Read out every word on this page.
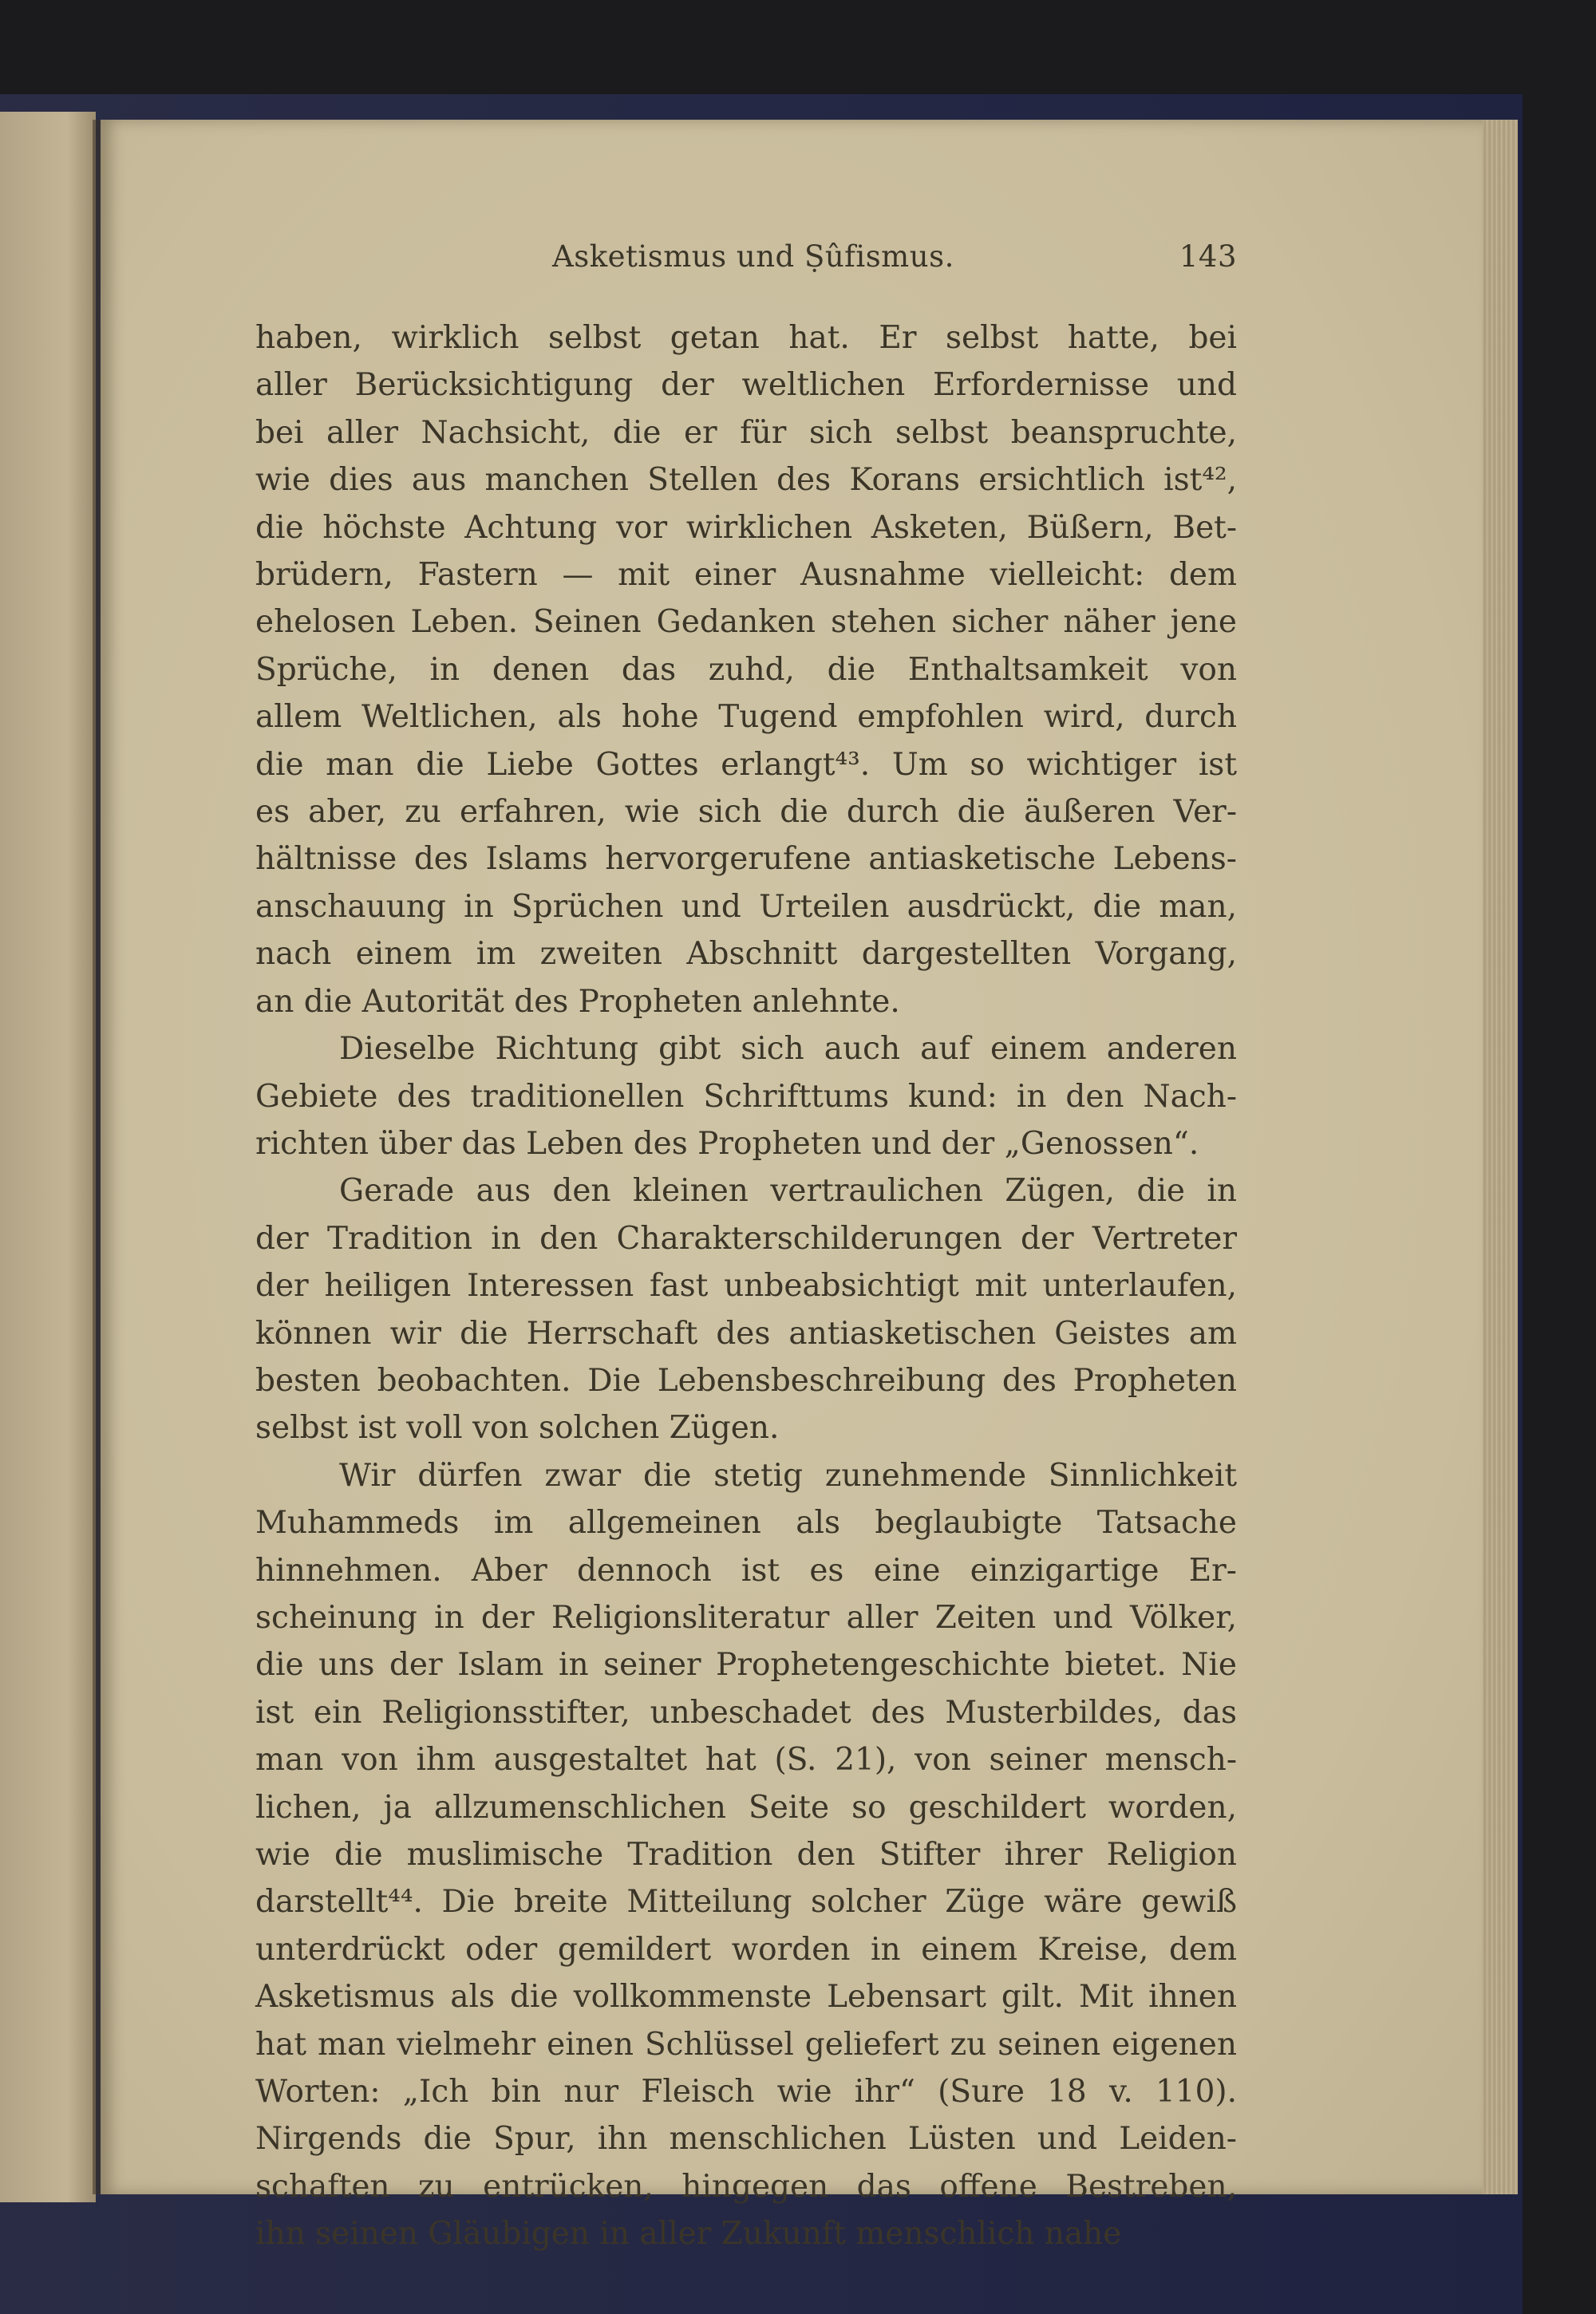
Asketismus und Ṣûfismus.	143
haben, wirklich selbst getan hat. Er selbst hatte, bei
aller Berücksichtigung der weltlichen Erfordernisse und
bei aller Nachsicht, die er für sich selbst beanspruchte,
wie dies aus manchen Stellen des Korans ersichtlich ist⁴²,
die höchste Achtung vor wirklichen Asketen, Büßern, Bet-
brüdern, Fastern — mit einer Ausnahme vielleicht: dem
ehelosen Leben. Seinen Gedanken stehen sicher näher jene
Sprüche, in denen das zuhd, die Enthaltsamkeit von
allem Weltlichen, als hohe Tugend empfohlen wird, durch
die man die Liebe Gottes erlangt⁴³. Um so wichtiger ist
es aber, zu erfahren, wie sich die durch die äußeren Ver-
hältnisse des Islams hervorgerufene antiasketische Lebens-
anschauung in Sprüchen und Urteilen ausdrückt, die man,
nach einem im zweiten Abschnitt dargestellten Vorgang,
an die Autorität des Propheten anlehnte.
Dieselbe Richtung gibt sich auch auf einem anderen
Gebiete des traditionellen Schrifttums kund: in den Nach-
richten über das Leben des Propheten und der „Genossen“.
Gerade aus den kleinen vertraulichen Zügen, die in
der Tradition in den Charakterschilderungen der Vertreter
der heiligen Interessen fast unbeabsichtigt mit unterlaufen,
können wir die Herrschaft des antiasketischen Geistes am
besten beobachten. Die Lebensbeschreibung des Propheten
selbst ist voll von solchen Zügen.
Wir dürfen zwar die stetig zunehmende Sinnlichkeit
Muhammeds im allgemeinen als beglaubigte Tatsache
hinnehmen. Aber dennoch ist es eine einzigartige Er-
scheinung in der Religionsliteratur aller Zeiten und Völker,
die uns der Islam in seiner Prophetengeschichte bietet. Nie
ist ein Religionsstifter, unbeschadet des Musterbildes, das
man von ihm ausgestaltet hat (S. 21), von seiner mensch-
lichen, ja allzumenschlichen Seite so geschildert worden,
wie die muslimische Tradition den Stifter ihrer Religion
darstellt⁴⁴. Die breite Mitteilung solcher Züge wäre gewiß
unterdrückt oder gemildert worden in einem Kreise, dem
Asketismus als die vollkommenste Lebensart gilt. Mit ihnen
hat man vielmehr einen Schlüssel geliefert zu seinen eigenen
Worten: „Ich bin nur Fleisch wie ihr“ (Sure 18 v. 110).
Nirgends die Spur, ihn menschlichen Lüsten und Leiden-
schaften zu entrücken, hingegen das offene Bestreben,
ihn seinen Gläubigen in aller Zukunft menschlich nahe
